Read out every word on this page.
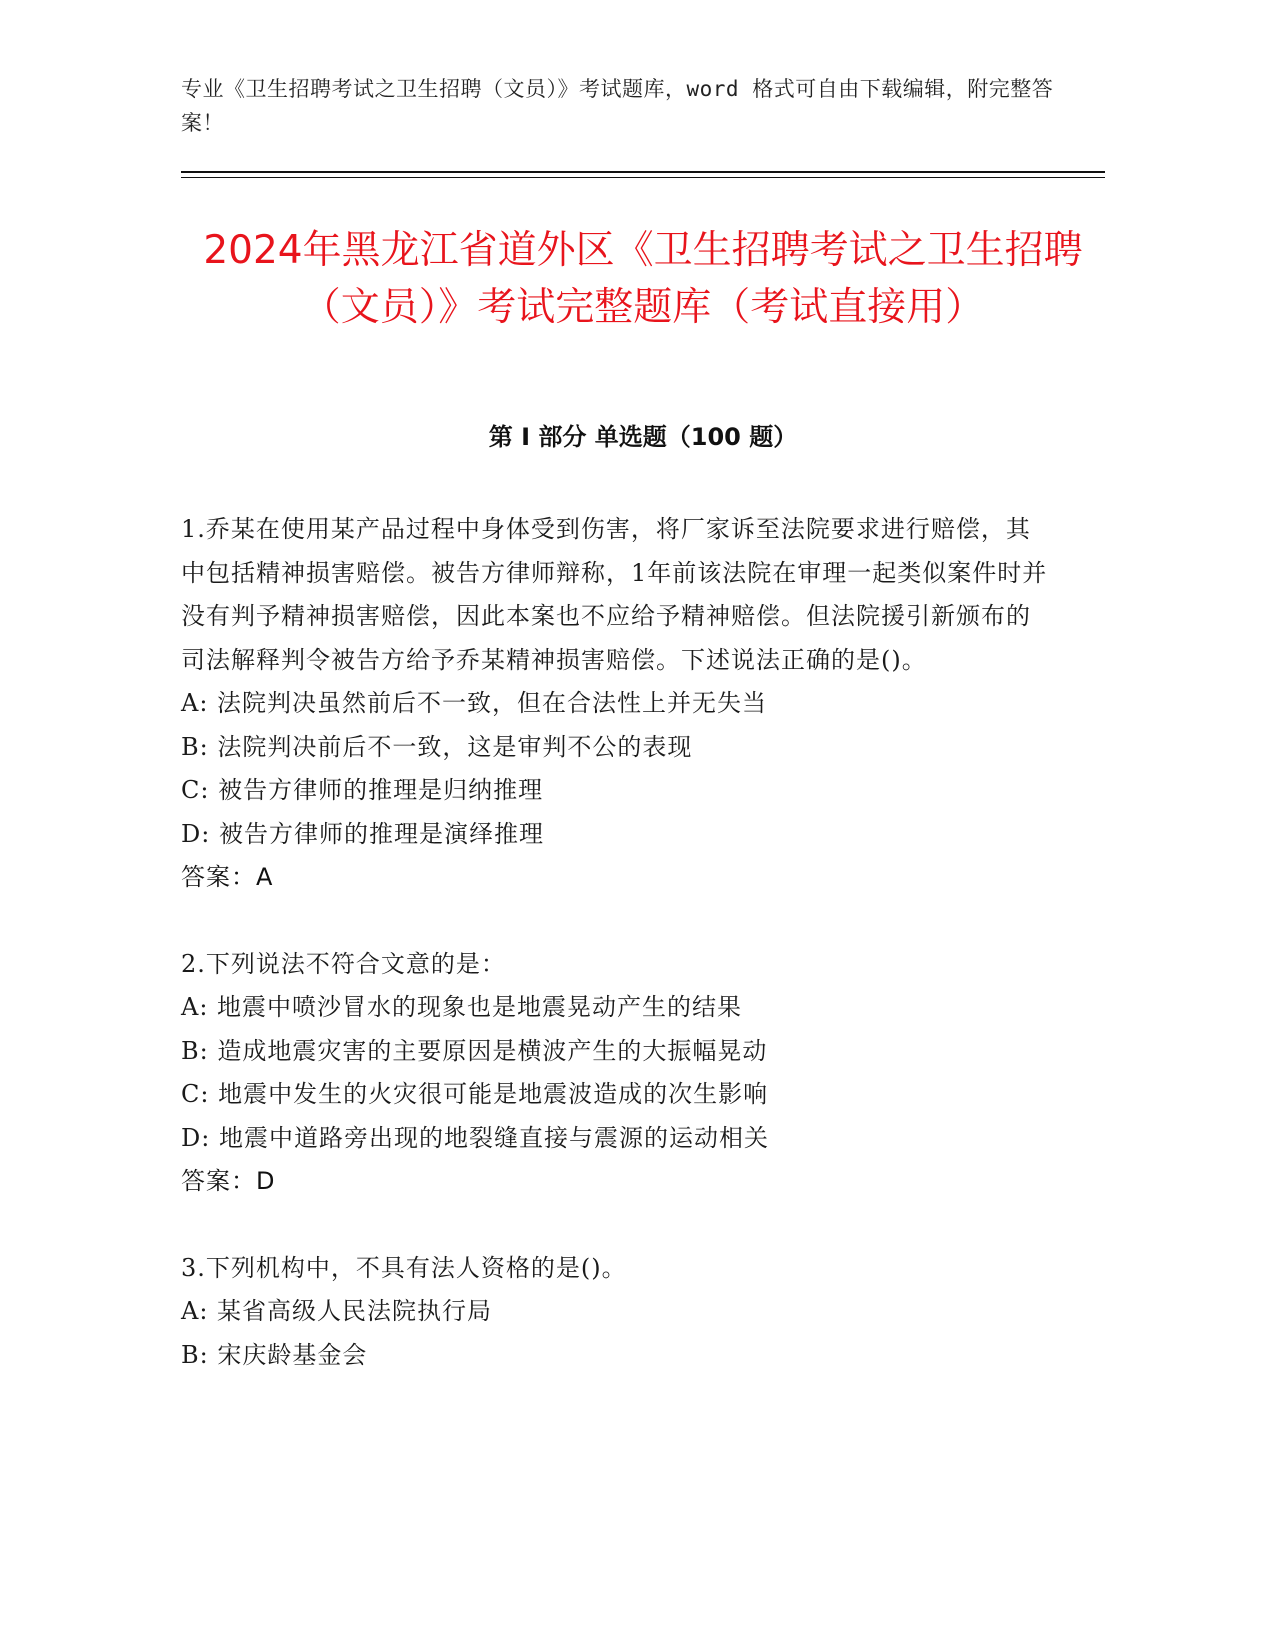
专业《卫生招聘考试之卫生招聘（文员）》考试题库，word 格式可自由下载编辑，附完整答案！
2024年黑龙江省道外区《卫生招聘考试之卫生招聘（文员）》考试完整题库（考试直接用）
第 I 部分 单选题（100 题）

1.乔某在使用某产品过程中身体受到伤害，将厂家诉至法院要求进行赔偿，其中包括精神损害赔偿。被告方律师辩称，1年前该法院在审理一起类似案件时并没有判予精神损害赔偿，因此本案也不应给予精神赔偿。但法院援引新颁布的司法解释判令被告方给予乔某精神损害赔偿。下述说法正确的是()。

A: 法院判决虽然前后不一致，但在合法性上并无失当

B: 法院判决前后不一致，这是审判不公的表现

C: 被告方律师的推理是归纳推理

D: 被告方律师的推理是演绎推理

答案：A

2.下列说法不符合文意的是：

A: 地震中喷沙冒水的现象也是地震晃动产生的结果

B: 造成地震灾害的主要原因是横波产生的大振幅晃动

C: 地震中发生的火灾很可能是地震波造成的次生影响

D: 地震中道路旁出现的地裂缝直接与震源的运动相关

答案：D

3.下列机构中，不具有法人资格的是()。

A: 某省高级人民法院执行局

B: 宋庆龄基金会
